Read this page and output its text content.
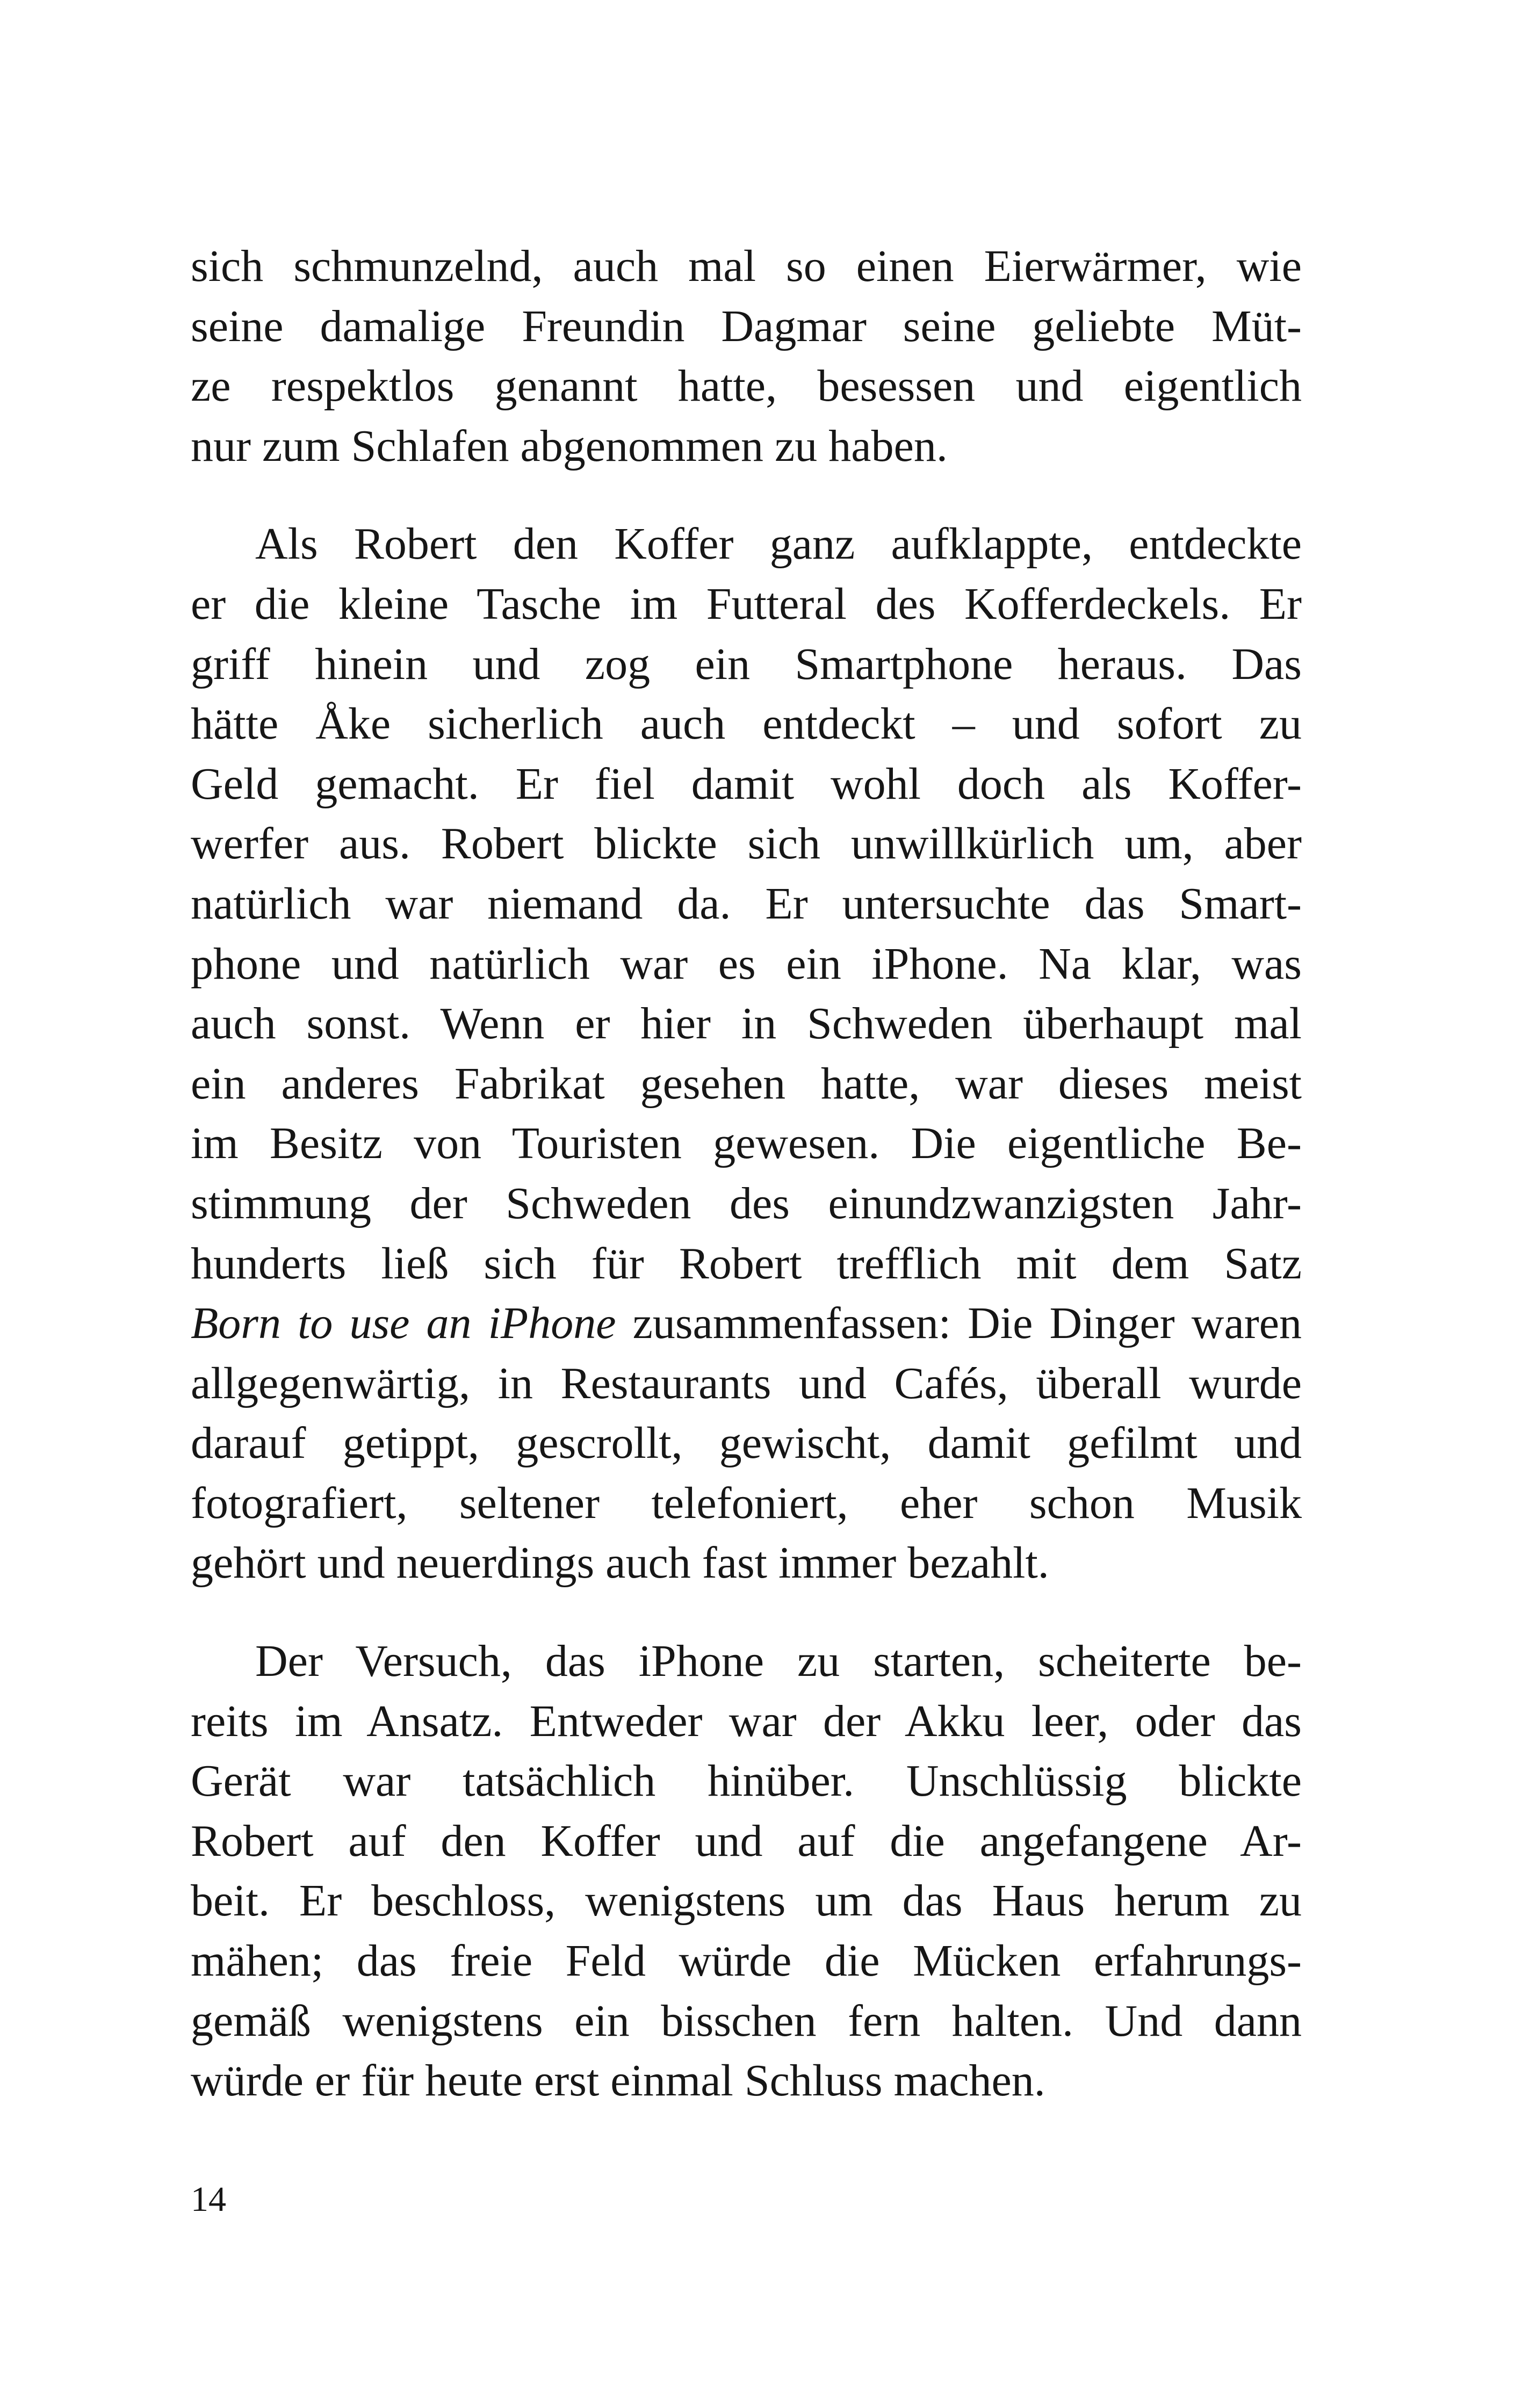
sich schmunzelnd, auch mal so einen Eierwärmer, wie
seine damalige Freundin Dagmar seine geliebte Müt-
ze respektlos genannt hatte, besessen und eigentlich
nur zum Schlafen abgenommen zu haben.
Als Robert den Koffer ganz aufklappte, entdeckte
er die kleine Tasche im Futteral des Kofferdeckels. Er
griff hinein und zog ein Smartphone heraus. Das
hätte Åke sicherlich auch entdeckt – und sofort zu
Geld gemacht. Er fiel damit wohl doch als Koffer-
werfer aus. Robert blickte sich unwillkürlich um, aber
natürlich war niemand da. Er untersuchte das Smart-
phone und natürlich war es ein iPhone. Na klar, was
auch sonst. Wenn er hier in Schweden überhaupt mal
ein anderes Fabrikat gesehen hatte, war dieses meist
im Besitz von Touristen gewesen. Die eigentliche Be-
stimmung der Schweden des einundzwanzigsten Jahr-
hunderts ließ sich für Robert trefflich mit dem Satz
Born to use an iPhone zusammenfassen: Die Dinger waren
allgegenwärtig, in Restaurants und Cafés, überall wurde
darauf getippt, gescrollt, gewischt, damit gefilmt und
fotografiert, seltener telefoniert, eher schon Musik
gehört und neuerdings auch fast immer bezahlt.
Der Versuch, das iPhone zu starten, scheiterte be-
reits im Ansatz. Entweder war der Akku leer, oder das
Gerät war tatsächlich hinüber. Unschlüssig blickte
Robert auf den Koffer und auf die angefangene Ar-
beit. Er beschloss, wenigstens um das Haus herum zu
mähen; das freie Feld würde die Mücken erfahrungs-
gemäß wenigstens ein bisschen fern halten. Und dann
würde er für heute erst einmal Schluss machen.
14
